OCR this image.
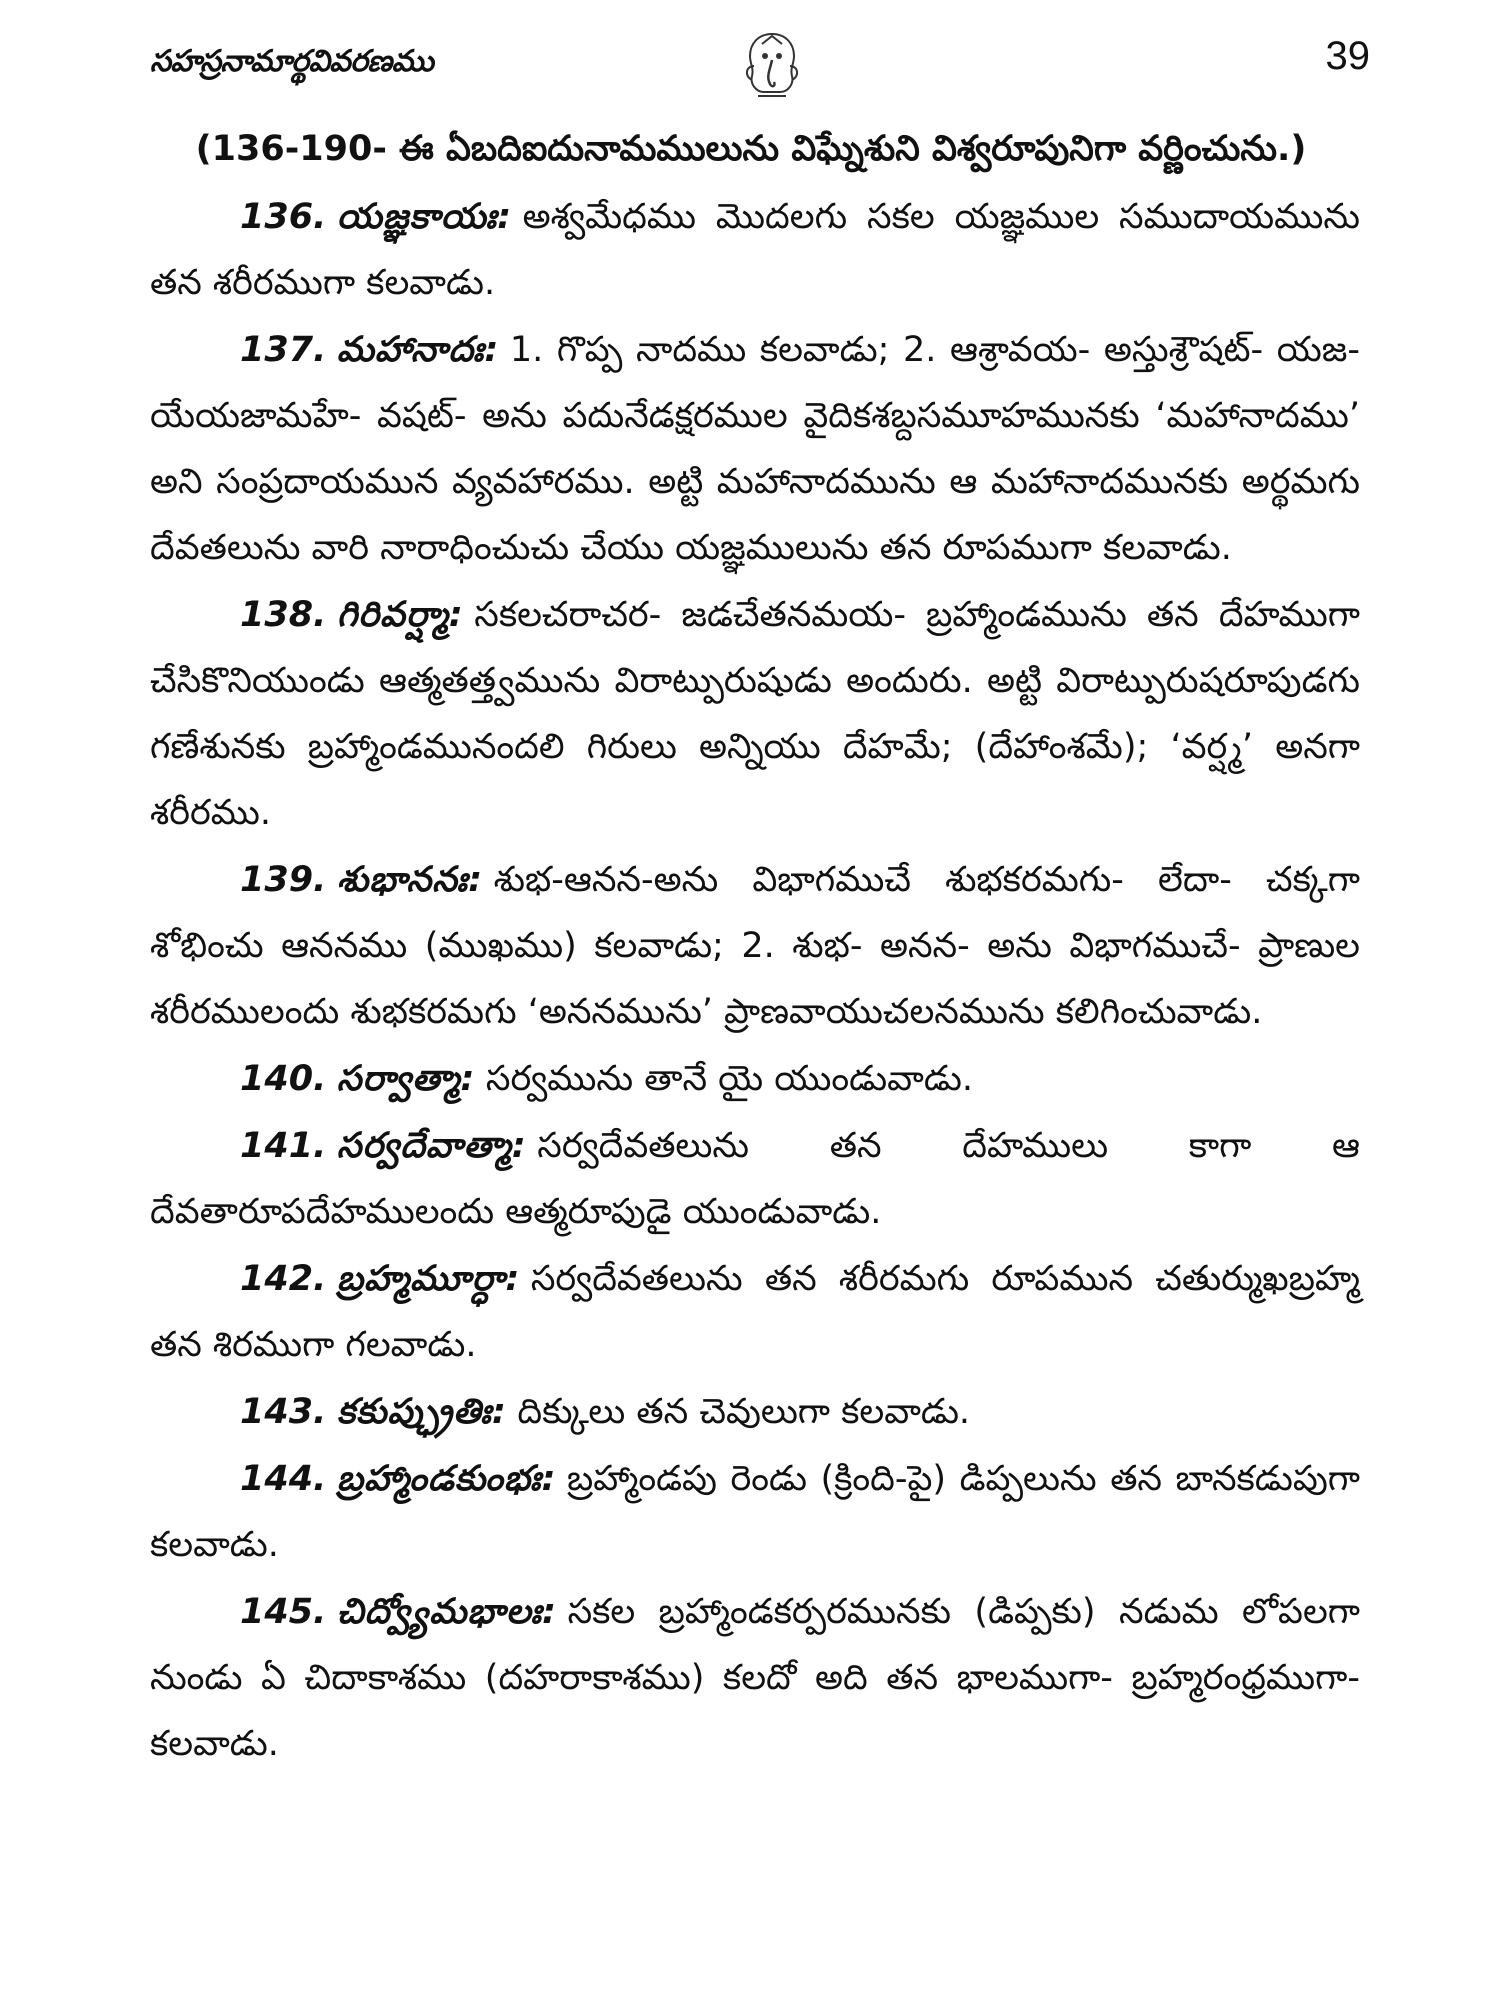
సహస్రనామార్థవివరణము	39

(136-190- ఈ ఏబదిఐదునామములును విఘ్నేశుని విశ్వరూపునిగా వర్ణించును.)

136. యజ్ఞకాయః: అశ్వమేధము మొదలగు సకల యజ్ఞముల సముదాయమును తన శరీరముగా కలవాడు.

137. మహానాదః: 1. గొప్ప నాదము కలవాడు; 2. ఆశ్రావయ- అస్తుశ్రౌషట్- యజ- యేయజామహే- వషట్- అను పదునేడక్షరముల వైదికశబ్దసమూహమునకు ‘మహానాదము’ అని సంప్రదాయమున వ్యవహారము. అట్టి మహానాదమును ఆ మహానాదమునకు అర్థమగు దేవతలును వారి నారాధించుచు చేయు యజ్ఞములును తన రూపముగా కలవాడు.

138. గిరివర్ష్మా: సకలచరాచర- జడచేతనమయ- బ్రహ్మాండమును తన దేహముగా చేసికొనియుండు ఆత్మతత్త్వమును విరాట్పురుషుడు అందురు. అట్టి విరాట్పురుషరూపుడగు గణేశునకు బ్రహ్మాండమునందలి గిరులు అన్నియు దేహమే; (దేహాంశమే); ‘వర్ష్మ’ అనగా శరీరము.

139. శుభాననః: శుభ-ఆనన-అను విభాగముచే శుభకరమగు- లేదా- చక్కగా శోభించు ఆననము (ముఖము) కలవాడు; 2. శుభ- అనన- అను విభాగముచే- ప్రాణుల శరీరములందు శుభకరమగు ‘అననమును’ ప్రాణవాయుచలనమును కలిగించువాడు.

140. సర్వాత్మా: సర్వమును తానే యై యుండువాడు.

141. సర్వదేవాత్మా: సర్వదేవతలును తన దేహములు కాగా ఆ దేవతారూపదేహములందు ఆత్మరూపుడై యుండువాడు.

142. బ్రహ్మమూర్ధా: సర్వదేవతలును తన శరీరమగు రూపమున చతుర్ముఖబ్రహ్మ తన శిరముగా గలవాడు.

143. కకుప్ఛ్రుతిః: దిక్కులు తన చెవులుగా కలవాడు.

144. బ్రహ్మాండకుంభః: బ్రహ్మాండపు రెండు (క్రింది-పై) డిప్పలును తన బానకడుపుగా కలవాడు.

145. చిద్వ్యోమభాలః: సకల బ్రహ్మాండకర్పరమునకు (డిప్పకు) నడుమ లోపలగా నుండు ఏ చిదాకాశము (దహరాకాశము) కలదో అది తన భాలముగా- బ్రహ్మరంధ్రముగా- కలవాడు.
